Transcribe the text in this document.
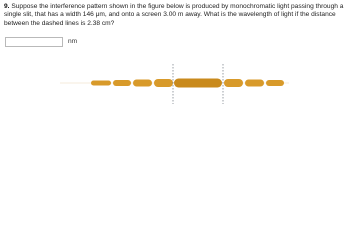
9. Suppose the interference pattern shown in the figure below is produced by monochromatic light passing through a single slit, that has a width 146 μm, and onto a screen 3.00 m away. What is the wavelength of light if the distance between the dashed lines is 2.38 cm?
nm
